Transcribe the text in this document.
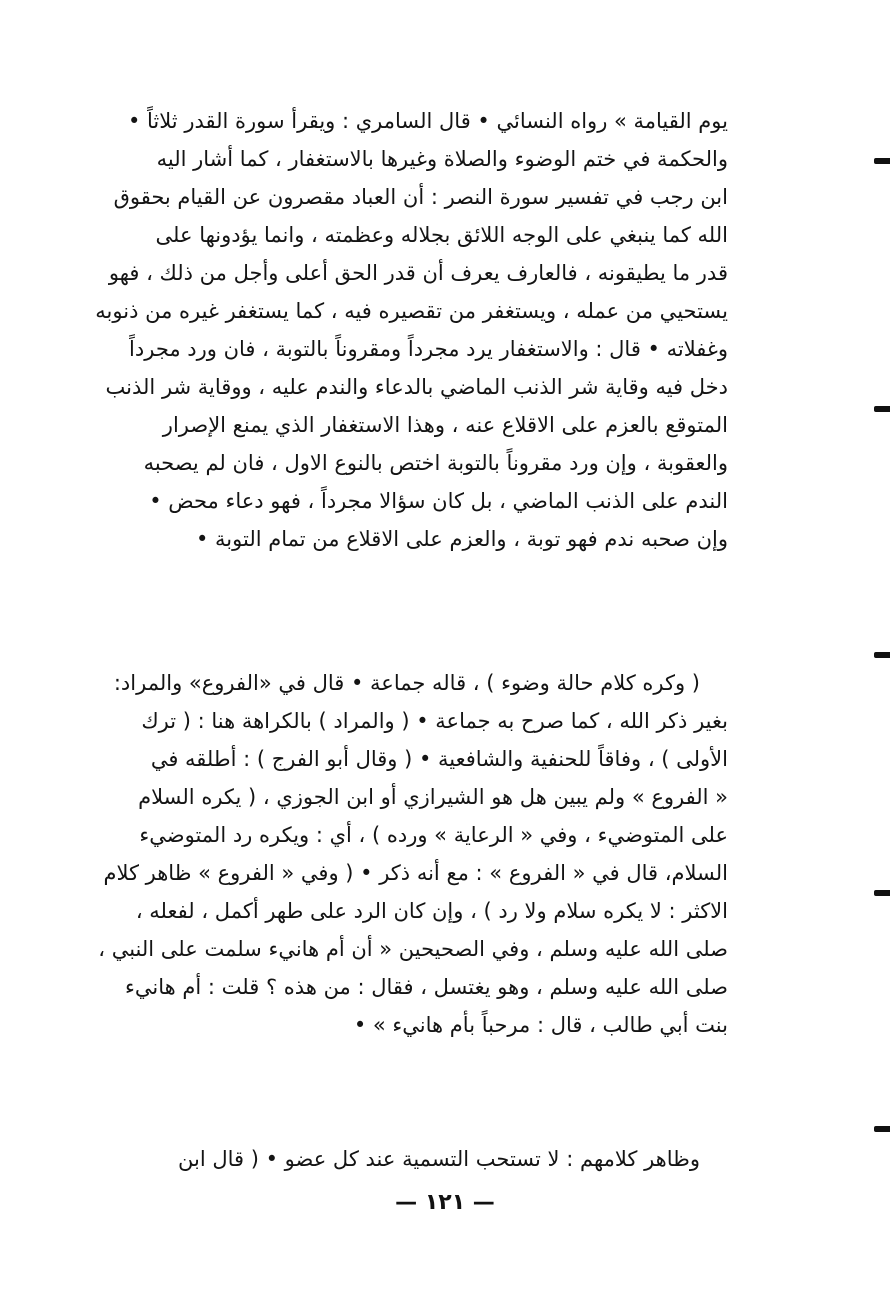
يوم القيامة » رواه النسائي • قال السامري : ويقرأ سورة القدر ثلاثاً •
والحكمة في ختم الوضوء والصلاة وغيرها بالاستغفار ، كما أشار اليه
ابن رجب في تفسير سورة النصر : أن العباد مقصرون عن القيام بحقوق
الله كما ينبغي على الوجه اللائق بجلاله وعظمته ، وانما يؤدونها على
قدر ما يطيقونه ، فالعارف يعرف أن قدر الحق أعلى وأجل من ذلك ، فهو
يستحيي من عمله ، ويستغفر من تقصيره فيه ، كما يستغفر غيره من ذنوبه
وغفلاته • قال : والاستغفار يرد مجرداً ومقروناً بالتوبة ، فان ورد مجرداً
دخل فيه وقاية شر الذنب الماضي بالدعاء والندم عليه ، ووقاية شر الذنب
المتوقع بالعزم على الاقلاع عنه ، وهذا الاستغفار الذي يمنع الإصرار
والعقوبة ، وإن ورد مقروناً بالتوبة اختص بالنوع الاول ، فان لم يصحبه
الندم على الذنب الماضي ، بل كان سؤالا مجرداً ، فهو دعاء محض •
وإن صحبه ندم فهو توبة ، والعزم على الاقلاع من تمام التوبة •
( وكره كلام حالة وضوء ) ، قاله جماعة • قال في «الفروع» والمراد:
بغير ذكر الله ، كما صرح به جماعة • ( والمراد ) بالكراهة هنا : ( ترك
الأولى ) ، وفاقاً للحنفية والشافعية • ( وقال أبو الفرج ) : أطلقه في
« الفروع » ولم يبين هل هو الشيرازي أو ابن الجوزي ، ( يكره السلام
على المتوضيء ، وفي « الرعاية » ورده ) ، أي : ويكره رد المتوضيء
السلام، قال في « الفروع » : مع أنه ذكر • ( وفي « الفروع » ظاهر كلام
الاكثر : لا يكره سلام ولا رد ) ، وإن كان الرد على طهر أكمل ، لفعله ،
صلى الله عليه وسلم ، وفي الصحيحين « أن أم هانيء سلمت على النبي ،
صلى الله عليه وسلم ، وهو يغتسل ، فقال : من هذه ؟ قلت : أم هانيء
بنت أبي طالب ، قال : مرحباً بأم هانيء » •
وظاهر كلامهم : لا تستحب التسمية عند كل عضو • ( قال ابن
— ١٢١ —
